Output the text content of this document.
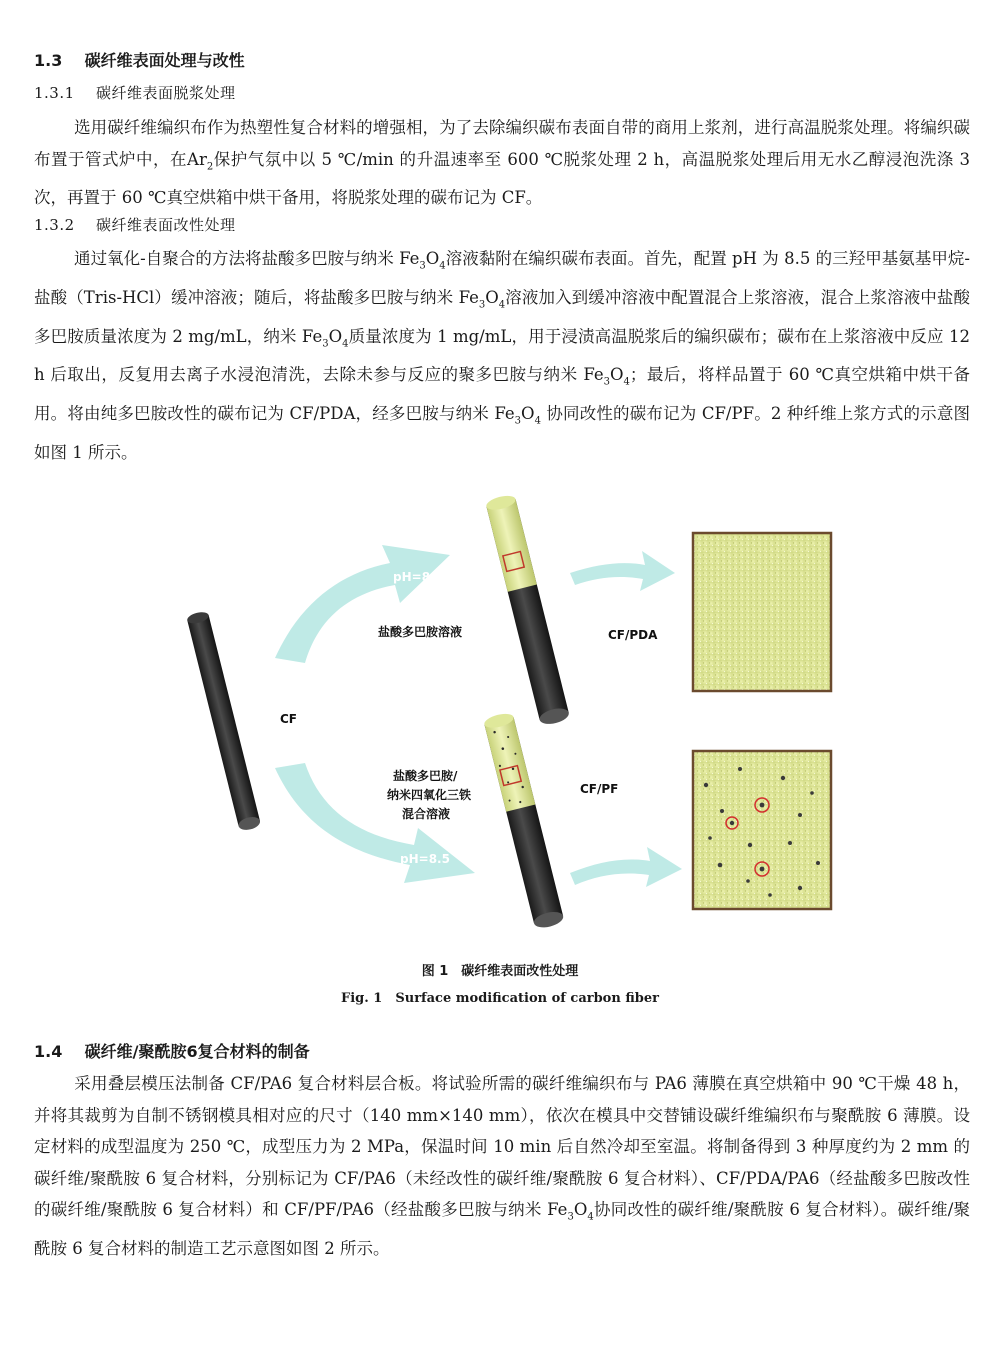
1.3 碳纤维表面处理与改性
1.3.1 碳纤维表面脱浆处理

选用碳纤维编织布作为热塑性复合材料的增强相，为了去除编织碳布表面自带的商用上浆剂，进行高温脱浆处理。将编织碳布置于管式炉中，在$Ar_2$保护气氛中以 5 ℃/min 的升温速率至 600 ℃脱浆处理 2 h，高温脱浆处理后用无水乙醇浸泡洗涤 3 次，再置于 60 ℃真空烘箱中烘干备用，将脱浆处理的碳布记为 CF。

1.3.2 碳纤维表面改性处理

通过氧化-自聚合的方法将盐酸多巴胺与纳米 $Fe_3O_4$溶液黏附在编织碳布表面。首先，配置 pH 为 8.5 的三羟甲基氨基甲烷-盐酸（Tris-HCl）缓冲溶液；随后，将盐酸多巴胺与纳米 $Fe_3O_4$溶液加入到缓冲溶液中配置混合上浆溶液，混合上浆溶液中盐酸多巴胺质量浓度为 2 mg/mL，纳米 $Fe_3O_4$质量浓度为 1 mg/mL，用于浸渍高温脱浆后的编织碳布；碳布在上浆溶液中反应 12 h 后取出，反复用去离子水浸泡清洗，去除未参与反应的聚多巴胺与纳米 $Fe_3O_4$；最后，将样品置于 60 ℃真空烘箱中烘干备用。将由纯多巴胺改性的碳布记为 CF/PDA，经多巴胺与纳米 $Fe_3O_4$ 协同改性的碳布记为 CF/PF。2 种纤维上浆方式的示意图如图 1 所示。

CF
pH=8.5
盐酸多巴胺溶液	CF/PDA
盐酸多巴胺/
纳米四氧化三铁
混合溶液
pH=8.5
CF/PF
图 1　碳纤维表面改性处理
Fig. 1　Surface modification of carbon fiber
1.4 碳纤维/聚酰胺6复合材料的制备

采用叠层模压法制备 CF/PA6 复合材料层合板。将试验所需的碳纤维编织布与 PA6 薄膜在真空烘箱中 90 ℃干燥 48 h，并将其裁剪为自制不锈钢模具相对应的尺寸（140 mm×140 mm），依次在模具中交替铺设碳纤维编织布与聚酰胺 6 薄膜。设定材料的成型温度为 250 ℃，成型压力为 2 MPa，保温时间 10 min 后自然冷却至室温。将制备得到 3 种厚度约为 2 mm 的碳纤维/聚酰胺 6 复合材料，分别标记为 CF/PA6（未经改性的碳纤维/聚酰胺 6 复合材料）、CF/PDA/PA6（经盐酸多巴胺改性的碳纤维/聚酰胺 6 复合材料）和 CF/PF/PA6（经盐酸多巴胺与纳米 $Fe_3O_4$协同改性的碳纤维/聚酰胺 6 复合材料）。碳纤维/聚酰胺 6 复合材料的制造工艺示意图如图 2 所示。
